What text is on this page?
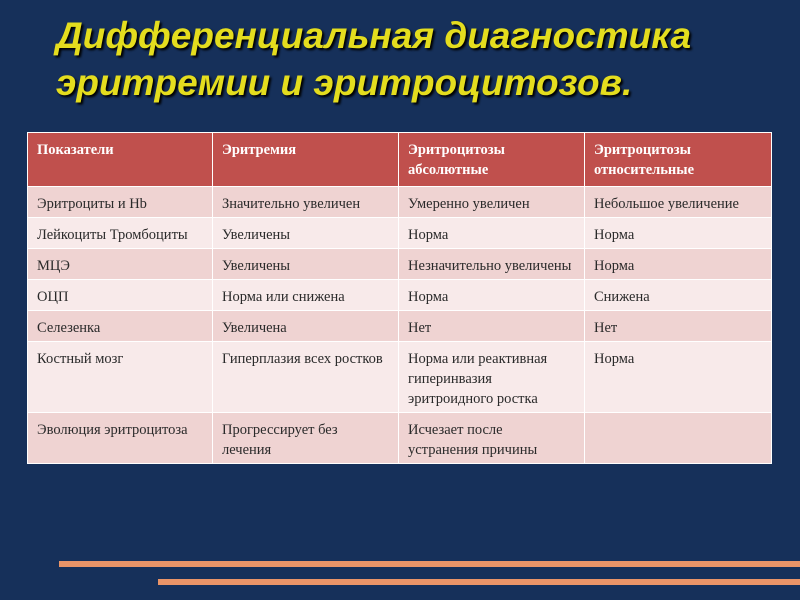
Дифференциальная диагностика
эритремии и эритроцитозов.
Показатели	Эритремия	Эритроцитозы абсолютные	Эритроцитозы относительные
Эритроциты и Hb	Значительно увеличен	Умеренно увеличен	Небольшое увеличение
Лейкоциты Тромбоциты	Увеличены	Норма	Норма
МЦЭ	Увеличены	Незначительно увеличены	Норма
ОЦП	Норма или снижена	Норма	Снижена
Селезенка	Увеличена	Нет	Нет
Костный мозг	Гиперплазия всех ростков	Норма или реактивная гиперинвазия эритроидного ростка	Норма
Эволюция эритроцитоза	Прогрессирует без лечения	Исчезает после устранения причины	
